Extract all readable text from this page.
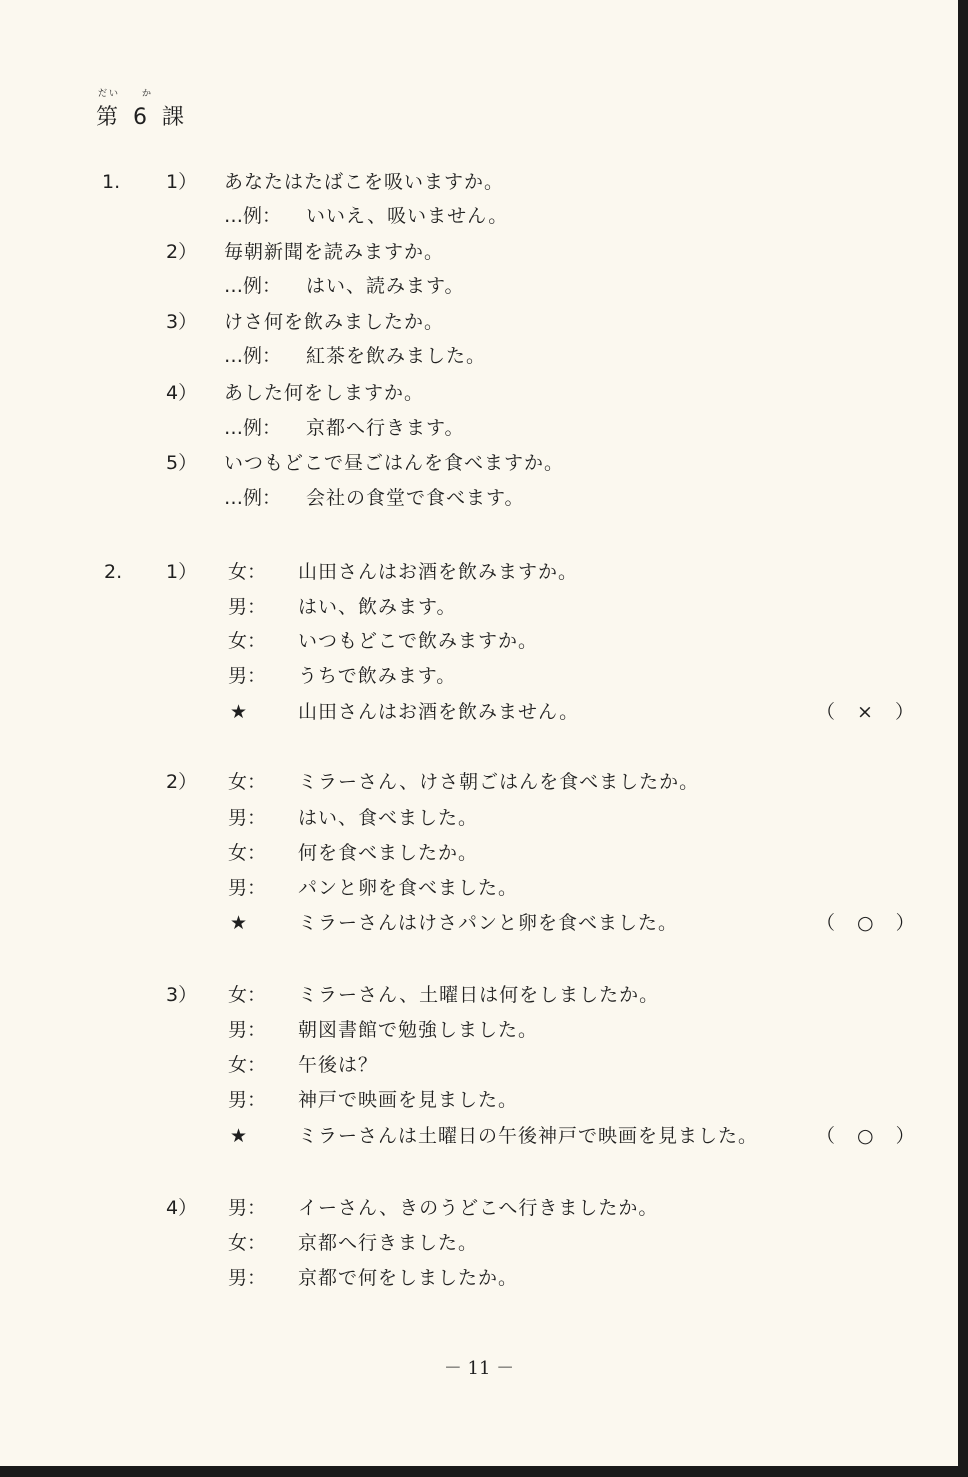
だい　　か
第 6 課
1. 1） あなたはたばこを吸いますか。
…例： いいえ、吸いません。
2） 毎朝新聞を読みますか。
…例： はい、読みます。
3） けさ何を飲みましたか。
…例： 紅茶を飲みました。
4） あした何をしますか。
…例： 京都へ行きます。
5） いつもどこで昼ごはんを食べますか。
…例： 会社の食堂で食べます。
2. 1） 女： 山田さんはお酒を飲みますか。
男： はい、飲みます。
女： いつもどこで飲みますか。
男： うちで飲みます。
★	山田さんはお酒を飲みません。	（ × ）
2） 女： ミラーさん、けさ朝ごはんを食べましたか。
男： はい、食べました。
女： 何を食べましたか。
男： パンと卵を食べました。
★	ミラーさんはけさパンと卵を食べました。	（ ○ ）
3） 女： ミラーさん、土曜日は何をしましたか。
男： 朝図書館で勉強しました。
女： 午後は？
男： 神戸で映画を見ました。
★	ミラーさんは土曜日の午後神戸で映画を見ました。	（ ○ ）
4） 男： イーさん、きのうどこへ行きましたか。
女： 京都へ行きました。
男： 京都で何をしましたか。
－ 11 －
